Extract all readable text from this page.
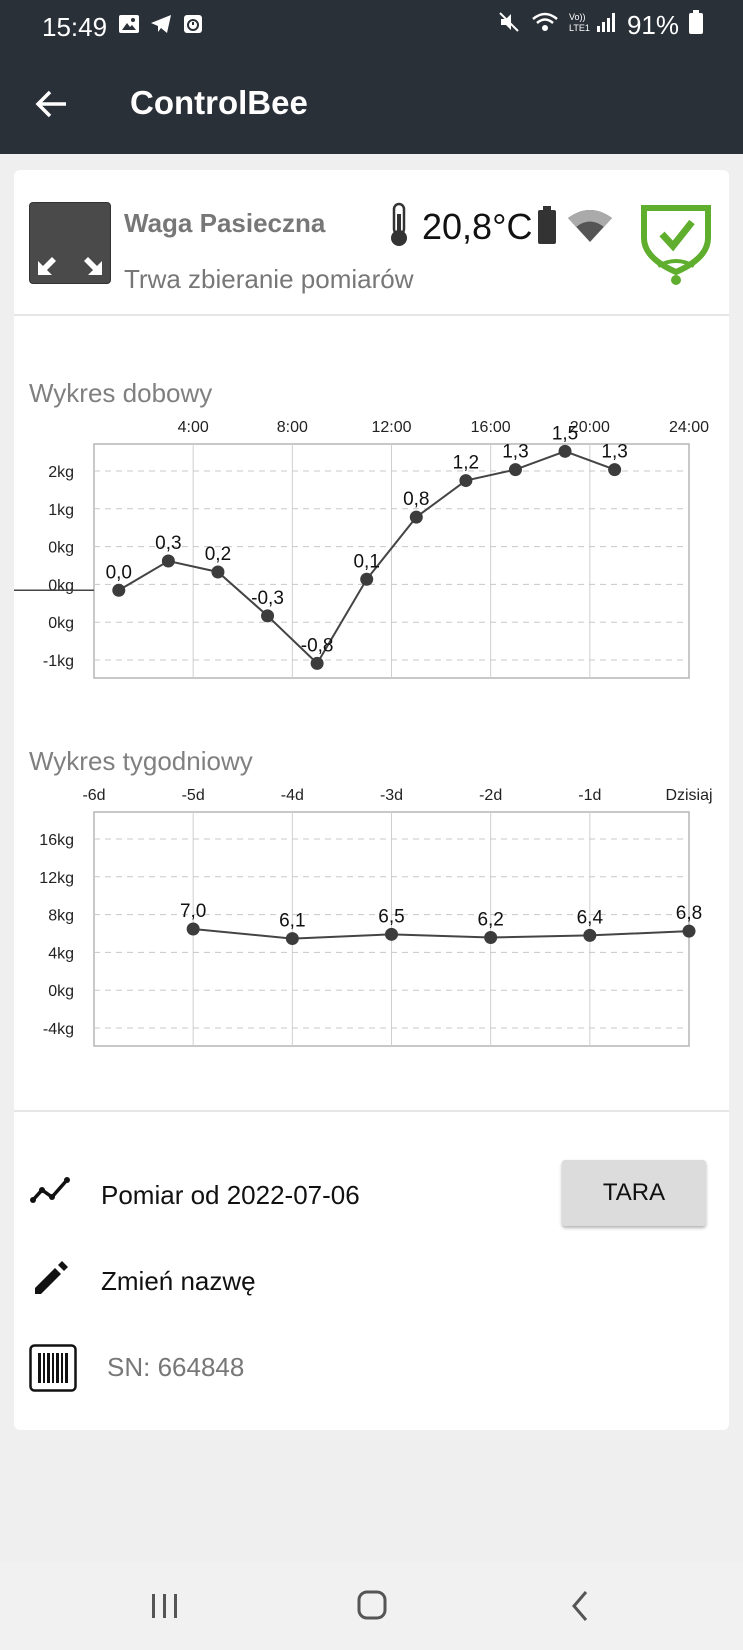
15:49	Vo))
LTE1 91%
ControlBee
Waga Pasieczna
Trwa zbieranie pomiarów
20,8°C
Wykres dobowy
2kg
1kg
0kg
0kg
0kg
-1kg
4:00	8:00	12:00	16:00	20:00	24:00
0,0
0,3
0,2
-0,3
-0,8
0,1
0,8
1,2
1,3
1,5
1,3
Wykres tygodniowy
16kg
12kg
8kg
4kg
0kg
-4kg
-6d	-5d	-4d	-3d	-2d	-1d	Dzisiaj
7,0	6,1	6,5	6,2	6,4	6,8
Pomiar od 2022-07-06	TARA
Zmień nazwę
SN: 664848
